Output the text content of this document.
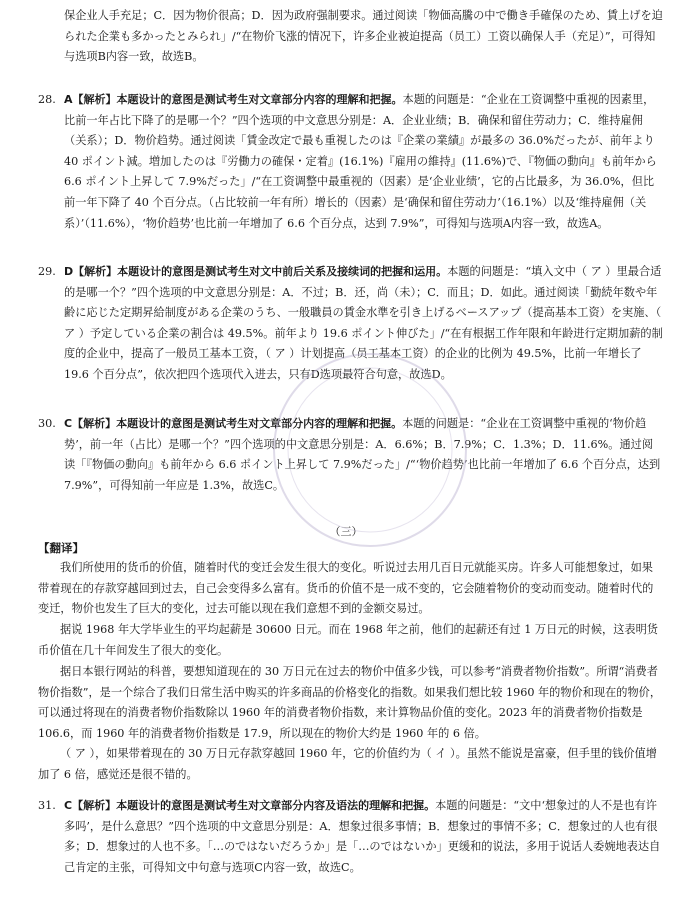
保企业人手充足；C．因为物价很高；D．因为政府强制要求。通过阅读「物価高騰の中で働き手確保のため、賃上げを迫られた企業も多かったとみられ」/“在物价飞涨的情况下，许多企业被迫提高（员工）工资以确保人手（充足）”，可得知与选项B内容一致，故选B。

28. A【解析】本题设计的意图是测试考生对文章部分内容的理解和把握。本题的问题是：“企业在工资调整中重视的因素里，比前一年占比下降了的是哪一个？”四个选项的中文意思分别是：A．企业业绩；B．确保和留住劳动力；C．维持雇佣（关系）；D．物价趋势。通过阅读「賃金改定で最も重視したのは『企業の業績』が最多の 36.0%だったが、前年より 40 ポイント減。増加したのは『労働力の確保・定着』(16.1%)『雇用の維持』(11.6%)で、『物価の動向』も前年から 6.6 ポイント上昇して 7.9%だった」/“在工资调整中最重视的（因素）是‘企业业绩’，它的占比最多，为 36.0%，但比前一年下降了 40 个百分点。（占比较前一年有所）增长的（因素）是‘确保和留住劳动力’（16.1%）以及‘维持雇佣（关系）’（11.6%），‘物价趋势’也比前一年增加了 6.6 个百分点，达到 7.9%”，可得知与选项A内容一致，故选A。
29. D【解析】本题设计的意图是测试考生对文中前后关系及接续词的把握和运用。本题的问题是：“填入文中（ ア ）里最合适的是哪一个？”四个选项的中文意思分别是：A．不过；B．还，尚（未）；C．而且；D．如此。通过阅读「勤続年数や年齢に応じた定期昇給制度がある企業のうち、一般職員の賃金水準を引き上げるベースアップ（提高基本工资）を実施、（ ア ）予定している企業の割合は 49.5%。前年より 19.6 ポイント伸びた」/“在有根据工作年限和年龄进行定期加薪的制度的企业中，提高了一般员工基本工资，（ ア ）计划提高（员工基本工资）的企业的比例为 49.5%，比前一年增长了 19.6 个百分点”，依次把四个选项代入进去，只有D选项最符合句意，故选D。
30. C【解析】本题设计的意图是测试考生对文章部分内容的理解和把握。本题的问题是：“企业在工资调整中重视的‘物价趋势’，前一年（占比）是哪一个？”四个选项的中文意思分别是：A．6.6%；B．7.9%；C．1.3%；D．11.6%。通过阅读「『物価の動向』も前年から 6.6 ポイント上昇して 7.9%だった」/“‘物价趋势’也比前一年增加了 6.6 个百分点，达到 7.9%”，可得知前一年应是 1.3%，故选C。
（三）
【翻译】

我们所使用的货币的价值，随着时代的变迁会发生很大的变化。听说过去用几百日元就能买房。许多人可能想象过，如果带着现在的存款穿越回到过去，自己会变得多么富有。货币的价值不是一成不变的，它会随着物价的变动而变动。随着时代的变迁，物价也发生了巨大的变化，过去可能以现在我们意想不到的金额交易过。

据说 1968 年大学毕业生的平均起薪是 30600 日元。而在 1968 年之前，他们的起薪还有过 1 万日元的时候，这表明货币价值在几十年间发生了很大的变化。

据日本银行网站的科普，要想知道现在的 30 万日元在过去的物价中值多少钱，可以参考“消费者物价指数”。所谓“消费者物价指数”，是一个综合了我们日常生活中购买的许多商品的价格变化的指数。如果我们想比较 1960 年的物价和现在的物价，可以通过将现在的消费者物价指数除以 1960 年的消费者物价指数，来计算物品价值的变化。2023 年的消费者物价指数是 106.6，而 1960 年的消费者物价指数是 17.9，所以现在的物价大约是 1960 年的 6 倍。

（ ア ），如果带着现在的 30 万日元存款穿越回 1960 年，它的价值约为（ イ ）。虽然不能说是富豪，但手里的钱价值增加了 6 倍，感觉还是很不错的。

31. C【解析】本题设计的意图是测试考生对文章部分内容及语法的理解和把握。本题的问题是：“文中‘想象过的人不是也有许多吗’，是什么意思？”四个选项的中文意思分别是：A．想象过很多事情；B．想象过的事情不多；C．想象过的人也有很多；D．想象过的人也不多。「…のではないだろうか」是「…のではないか」更缓和的说法，多用于说话人委婉地表达自己肯定的主张，可得知文中句意与选项C内容一致，故选C。
